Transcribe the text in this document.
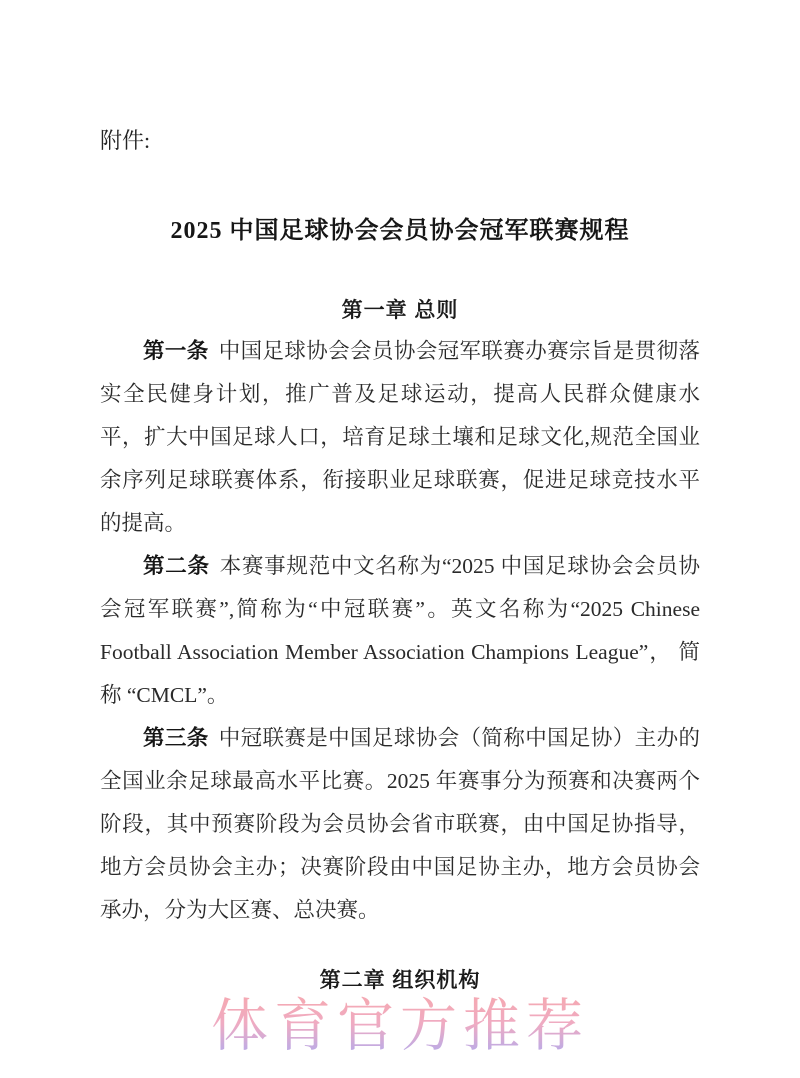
附件:

2025 中国足球协会会员协会冠军联赛规程
第一章 总则

第一条 中国足球协会会员协会冠军联赛办赛宗旨是贯彻落实全民健身计划，推广普及足球运动，提高人民群众健康水平，扩大中国足球人口，培育足球土壤和足球文化,规范全国业余序列足球联赛体系，衔接职业足球联赛，促进足球竞技水平的提高。

第二条 本赛事规范中文名称为“2025 中国足球协会会员协会冠军联赛”,简称为“中冠联赛”。英文名称为“2025 Chinese Football Association Member Association Champions League”， 简称 “CMCL”。

第三条 中冠联赛是中国足球协会（简称中国足协）主办的全国业余足球最高水平比赛。2025 年赛事分为预赛和决赛两个阶段，其中预赛阶段为会员协会省市联赛，由中国足协指导，地方会员协会主办；决赛阶段由中国足协主办，地方会员协会承办，分为大区赛、总决赛。

第二章 组织机构
体育官方推荐
